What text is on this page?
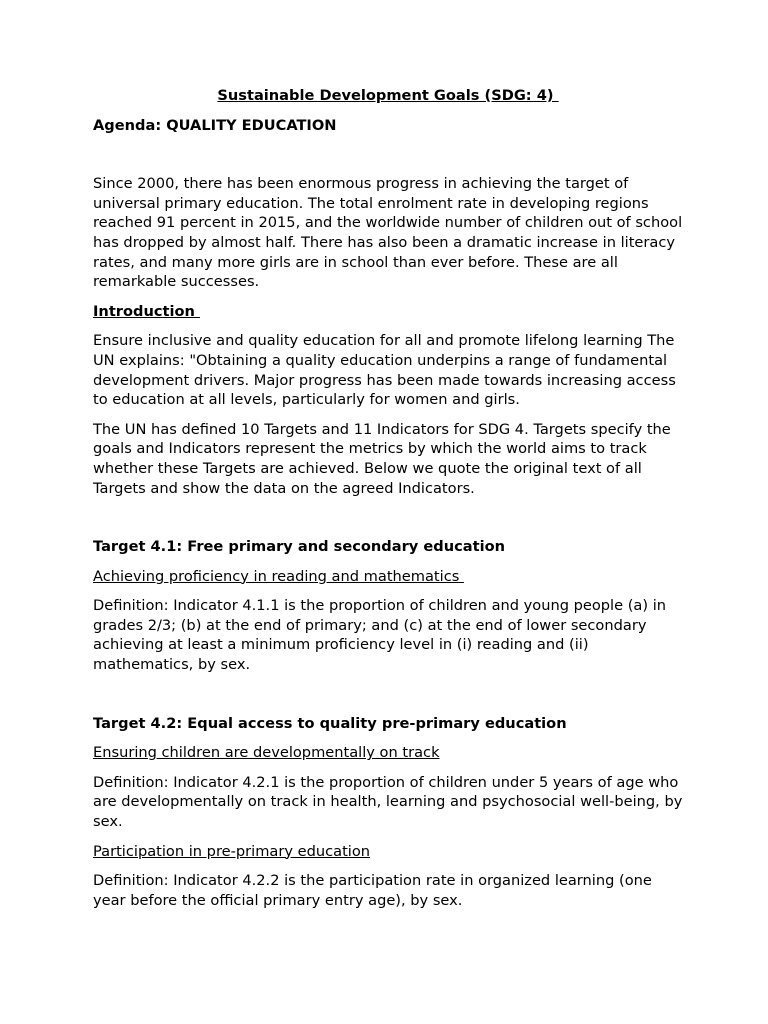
Sustainable Development Goals (SDG: 4)
Agenda: QUALITY EDUCATION

Since 2000, there has been enormous progress in achieving the target of universal primary education. The total enrolment rate in developing regions reached 91 percent in 2015, and the worldwide number of children out of school has dropped by almost half. There has also been a dramatic increase in literacy rates, and many more girls are in school than ever before. These are all remarkable successes.

Introduction

Ensure inclusive and quality education for all and promote lifelong learning The UN explains: "Obtaining a quality education underpins a range of fundamental development drivers. Major progress has been made towards increasing access to education at all levels, particularly for women and girls.

The UN has defined 10 Targets and 11 Indicators for SDG 4. Targets specify the goals and Indicators represent the metrics by which the world aims to track whether these Targets are achieved. Below we quote the original text of all Targets and show the data on the agreed Indicators.

Target 4.1: Free primary and secondary education
Achieving proficiency in reading and mathematics

Definition: Indicator 4.1.1 is the proportion of children and young people (a) in grades 2/3; (b) at the end of primary; and (c) at the end of lower secondary achieving at least a minimum proficiency level in (i) reading and (ii) mathematics, by sex.

Target 4.2: Equal access to quality pre-primary education
Ensuring children are developmentally on track

Definition: Indicator 4.2.1 is the proportion of children under 5 years of age who are developmentally on track in health, learning and psychosocial well-being, by sex.

Participation in pre-primary education

Definition: Indicator 4.2.2 is the participation rate in organized learning (one year before the official primary entry age), by sex.
